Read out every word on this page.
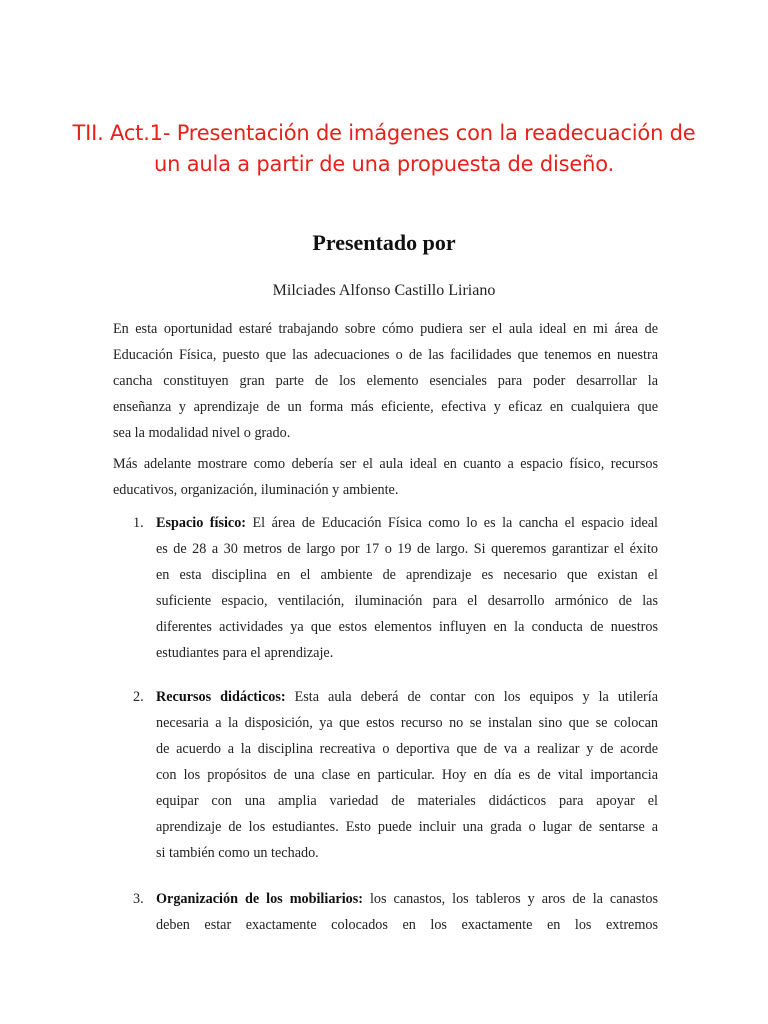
TII. Act.1- Presentación de imágenes con la readecuación de
un aula a partir de una propuesta de diseño.
Presentado por

Milciades Alfonso Castillo Liriano

En esta oportunidad estaré trabajando sobre cómo pudiera ser el aula ideal en mi área de
Educación Física, puesto que las adecuaciones o de las facilidades que tenemos en nuestra
cancha constituyen gran parte de los elemento esenciales para poder desarrollar la
enseñanza y aprendizaje de un forma más eficiente, efectiva y eficaz en cualquiera que
sea la modalidad nivel o grado.
Más adelante mostrare como debería ser el aula ideal en cuanto a espacio físico, recursos
educativos, organización, iluminación y ambiente.
1. Espacio físico: El área de Educación Física como lo es la cancha el espacio ideal
es de 28 a 30 metros de largo por 17 o 19 de largo. Si queremos garantizar el éxito
en esta disciplina en el ambiente de aprendizaje es necesario que existan el
suficiente espacio, ventilación, iluminación para el desarrollo armónico de las
diferentes actividades ya que estos elementos influyen en la conducta de nuestros
estudiantes para el aprendizaje.
2. Recursos didácticos: Esta aula deberá de contar con los equipos y la utilería
necesaria a la disposición, ya que estos recurso no se instalan sino que se colocan
de acuerdo a la disciplina recreativa o deportiva que de va a realizar y de acorde
con los propósitos de una clase en particular. Hoy en día es de vital importancia
equipar con una amplia variedad de materiales didácticos para apoyar el
aprendizaje de los estudiantes. Esto puede incluir una grada o lugar de sentarse a
si también como un techado.
3. Organización de los mobiliarios: los canastos, los tableros y aros de la canastos
deben estar exactamente colocados en los exactamente en los extremos
